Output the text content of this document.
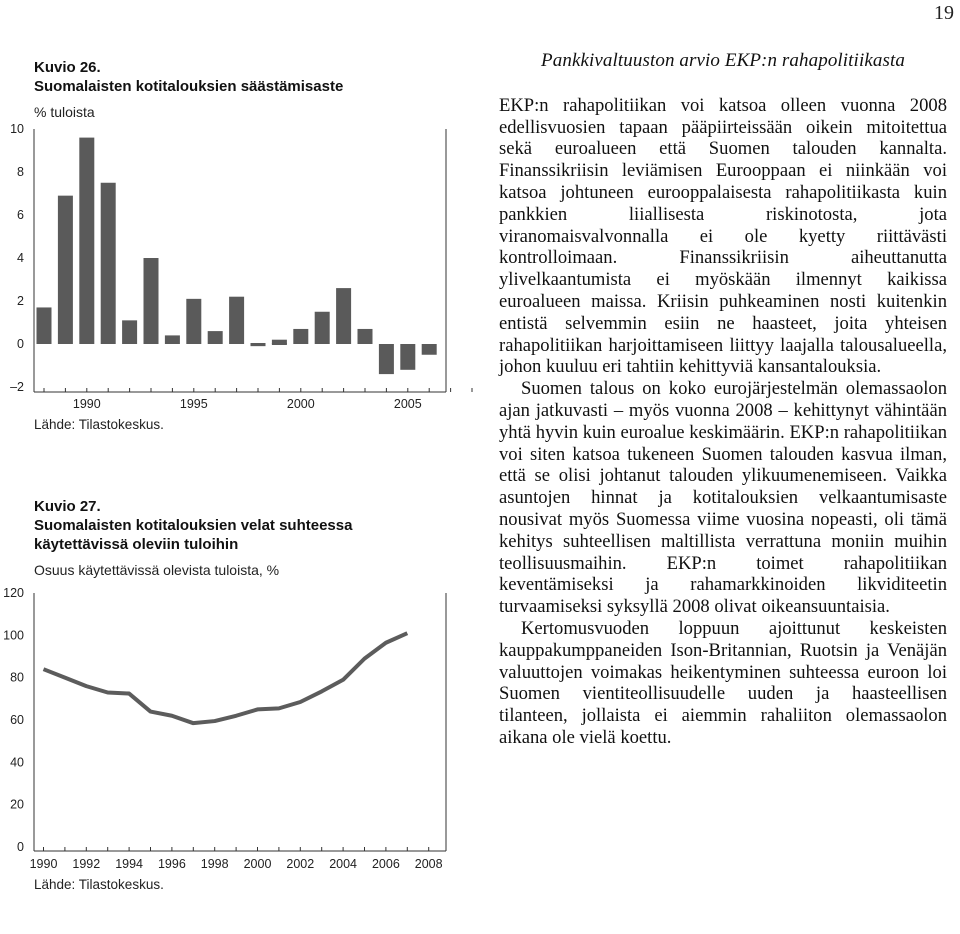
19
Kuvio 26.
Suomalaisten kotitalouksien säästämisaste
% tuloista
–2
0
2
4
6
8
10
1990	1995	2000	2005
Lähde: Tilastokeskus.
Kuvio 27.
Suomalaisten kotitalouksien velat suhteessa
käytettävissä oleviin tuloihin
Osuus käytettävissä olevista tuloista, %
0
20
40
60
80
100
120
1990 1992 1994 1996 1998 2000 2002 2004 2006 2008
Lähde: Tilastokeskus.
Pankkivaltuuston arvio EKP:n rahapolitiikasta

EKP:n rahapolitiikan voi katsoa olleen vuonna 2008 edellisvuosien tapaan pääpiirteissään oikein mitoitettua sekä euroalueen että Suomen talouden kannalta. Finanssikriisin leviämisen Eurooppaan ei niinkään voi katsoa johtuneen eurooppalaisesta rahapolitiikasta kuin pankkien liiallisesta riskinotosta, jota viranomaisvalvonnalla ei ole kyetty riittävästi kontrolloimaan. Finanssikriisin aiheuttanutta ylivelkaantumista ei myöskään ilmennyt kaikissa euroalueen maissa. Kriisin puhkeaminen nosti kuitenkin entistä selvemmin esiin ne haasteet, joita yhteisen rahapolitiikan harjoittamiseen liittyy laajalla talousalueella, johon kuuluu eri tahtiin kehittyviä kansantalouksia.

Suomen talous on koko eurojärjestelmän olemassaolon ajan jatkuvasti – myös vuonna 2008 – kehittynyt vähintään yhtä hyvin kuin euroalue keskimäärin. EKP:n rahapolitiikan voi siten katsoa tukeneen Suomen talouden kasvua ilman, että se olisi johtanut talouden ylikuumenemiseen. Vaikka asuntojen hinnat ja kotitalouksien velkaantumisaste nousivat myös Suomessa viime vuosina nopeasti, oli tämä kehitys suhteellisen maltillista verrattuna moniin muihin teollisuusmaihin. EKP:n toimet rahapolitiikan keventämiseksi ja rahamarkkinoiden likviditeetin turvaamiseksi syksyllä 2008 olivat oikeansuuntaisia.

Kertomusvuoden loppuun ajoittunut keskeisten kauppakumppaneiden Ison-Britannian, Ruotsin ja Venäjän valuuttojen voimakas heikentyminen suhteessa euroon loi Suomen vientiteollisuudelle uuden ja haasteellisen tilanteen, jollaista ei aiemmin rahaliiton olemassaolon aikana ole vielä koettu.
